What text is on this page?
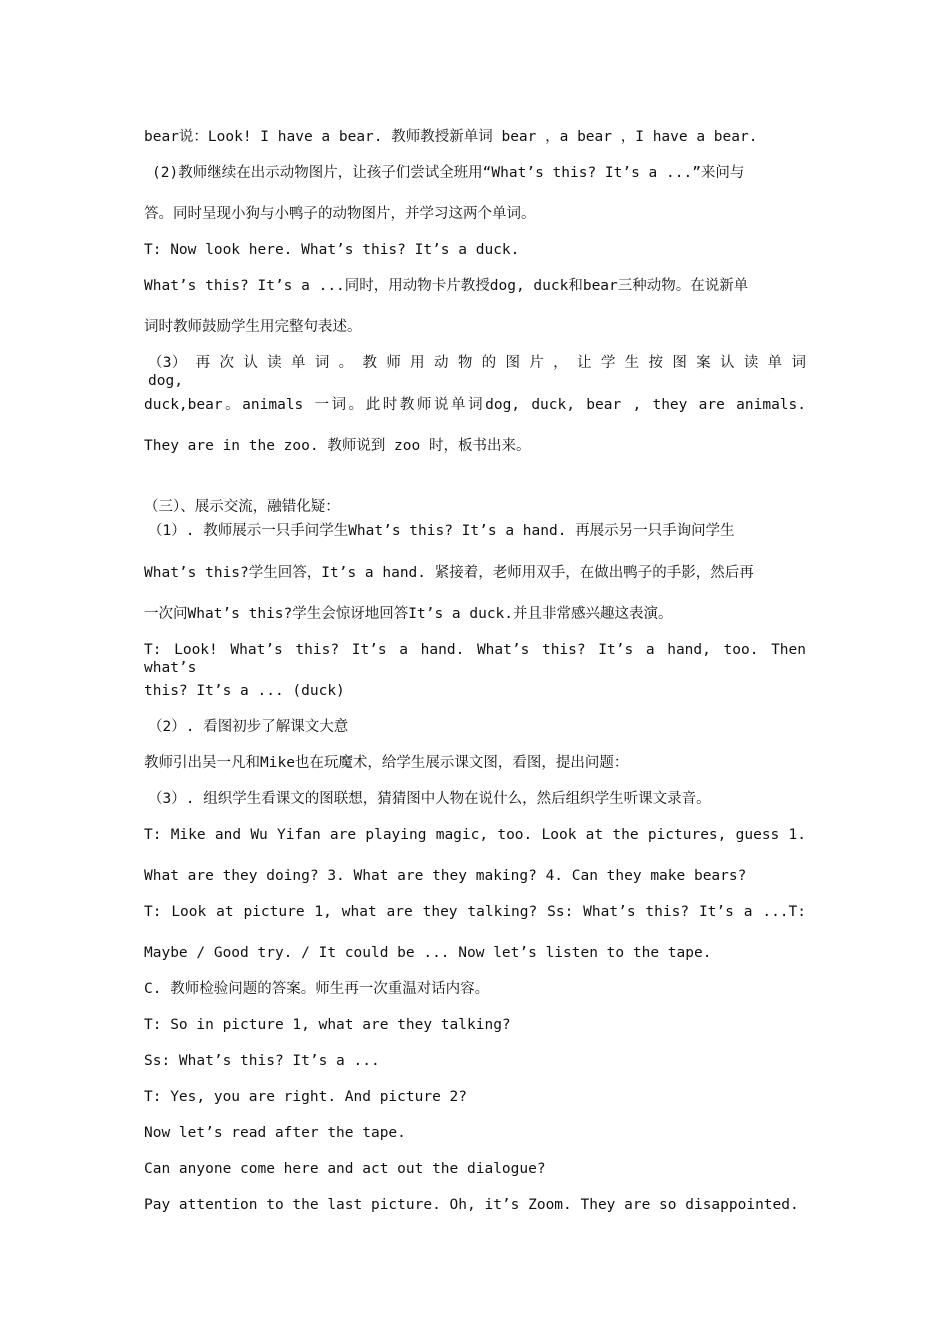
bear说：Look! I have a bear. 教师教授新单词 bear ，a bear ，I have a bear.
(2)教师继续在出示动物图片，让孩子们尝试全班用“What’s this? It’s a ...”来问与
答。同时呈现小狗与小鸭子的动物图片，并学习这两个单词。
T: Now look here. What’s this? It’s a duck.
What’s this? It’s a ...同时，用动物卡片教授dog, duck和bear三种动物。在说新单
词时教师鼓励学生用完整句表述。
（3） 再 次 认 读 单 词 。 教 师 用 动 物 的 图 片 ， 让 学 生 按 图 案 认 读 单 词 dog,
duck,bear。animals 一词。此时教师说单词dog, duck, bear , they are animals.
They are in the zoo. 教师说到 zoo 时，板书出来。
（三）、展示交流，融错化疑：
（1）. 教师展示一只手问学生What’s this? It’s a hand. 再展示另一只手询问学生
What’s this?学生回答，It’s a hand. 紧接着，老师用双手，在做出鸭子的手影，然后再
一次问What’s this?学生会惊讶地回答It’s a duck.并且非常感兴趣这表演。
T: Look! What’s this? It’s a hand. What’s this? It’s a hand, too. Then what’s
this? It’s a ... (duck)
（2）. 看图初步了解课文大意
教师引出吴一凡和Mike也在玩魔术，给学生展示课文图，看图，提出问题：
（3）. 组织学生看课文的图联想，猜猜图中人物在说什么，然后组织学生听课文录音。
T: Mike and Wu Yifan are playing magic, too. Look at the pictures, guess 1.
What are they doing? 3. What are they making? 4. Can they make bears?
T: Look at picture 1, what are they talking? Ss: What’s this? It’s a ...T:
Maybe / Good try. / It could be ... Now let’s listen to the tape.
C. 教师检验问题的答案。师生再一次重温对话内容。
T: So in picture 1, what are they talking?
Ss: What’s this? It’s a ...
T: Yes, you are right. And picture 2?
Now let’s read after the tape.
Can anyone come here and act out the dialogue?
Pay attention to the last picture. Oh, it’s Zoom. They are so disappointed.
